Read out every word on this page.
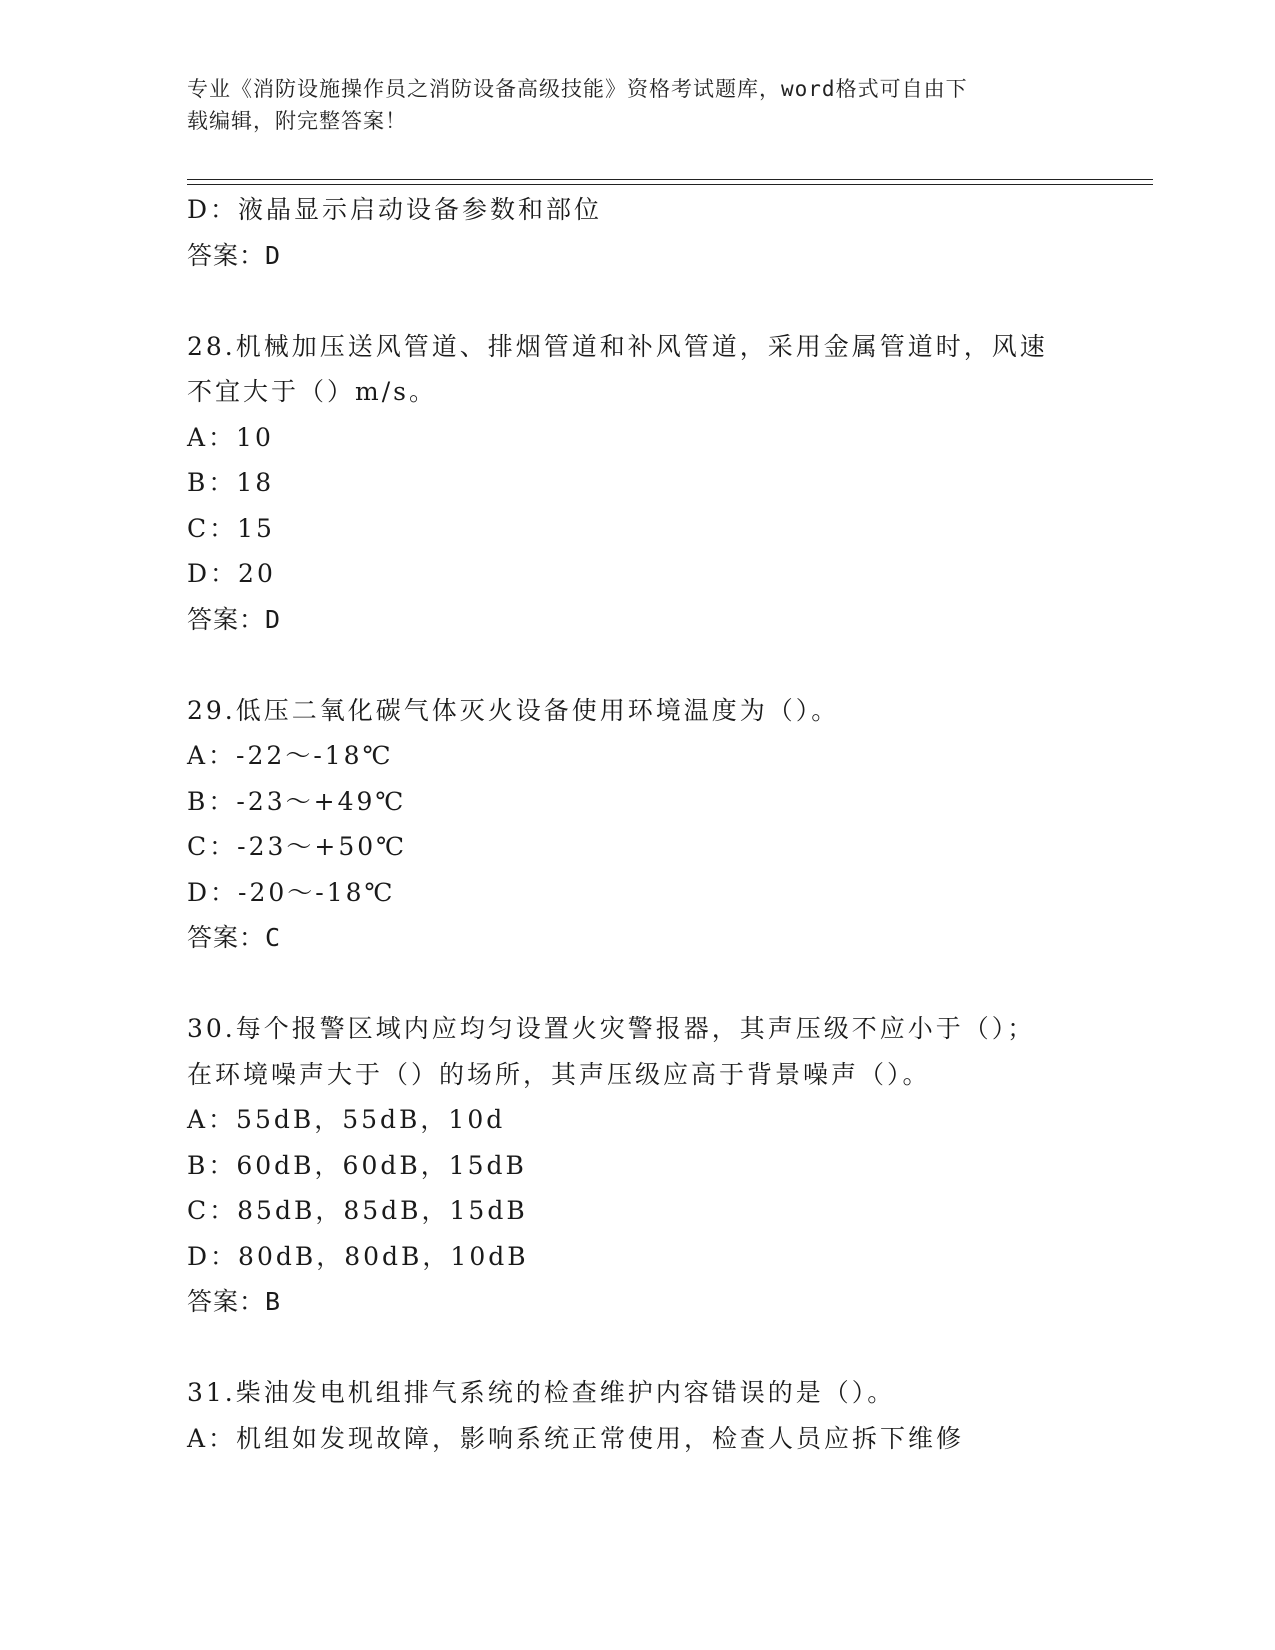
专业《消防设施操作员之消防设备高级技能》资格考试题库，word格式可自由下
载编辑，附完整答案！
D：液晶显示启动设备参数和部位
答案：D
28.机械加压送风管道、排烟管道和补风管道，采用金属管道时，风速
不宜大于（）m/s。
A：10
B：18
C：15
D：20
答案：D
29.低压二氧化碳气体灭火设备使用环境温度为（）。
A：-22～-18℃
B：-23～+49℃
C：-23～+50℃
D：-20～-18℃
答案：C
30.每个报警区域内应均匀设置火灾警报器，其声压级不应小于（）；
在环境噪声大于（）的场所，其声压级应高于背景噪声（）。
A：55dB，55dB，10d
B：60dB，60dB，15dB
C：85dB，85dB，15dB
D：80dB，80dB，10dB
答案：B
31.柴油发电机组排气系统的检查维护内容错误的是（）。
A：机组如发现故障，影响系统正常使用，检查人员应拆下维修
